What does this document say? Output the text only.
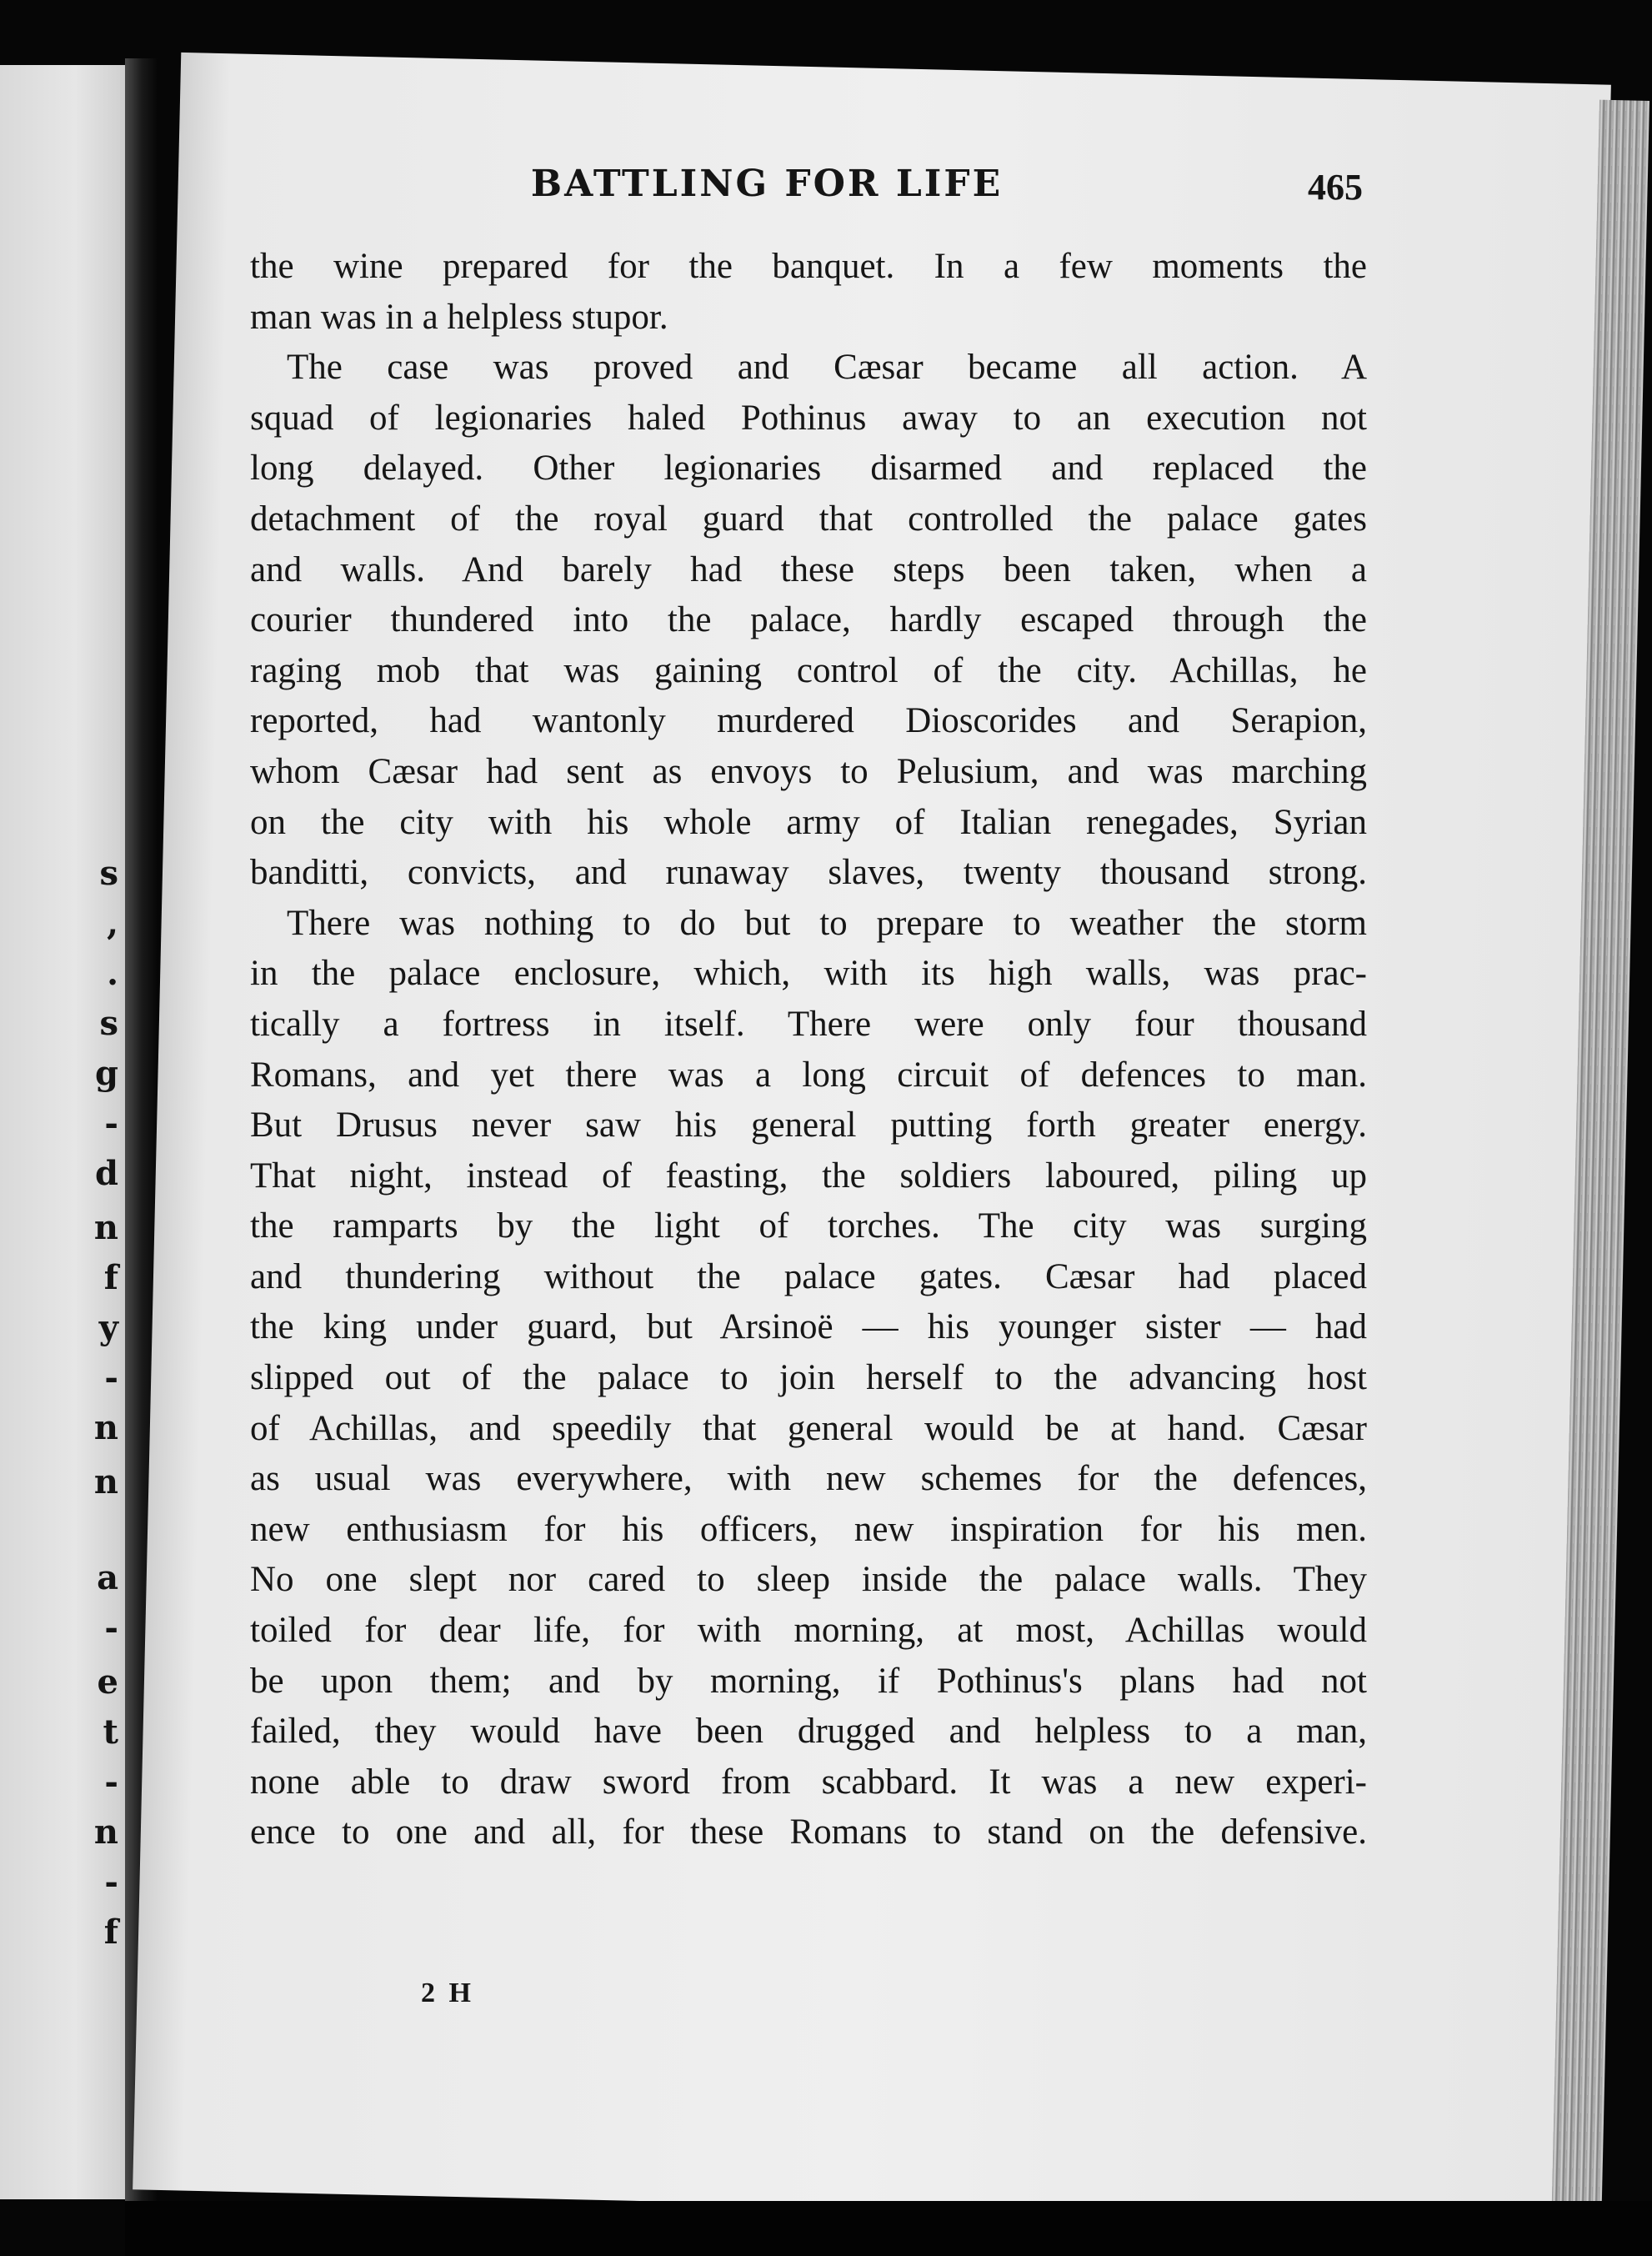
s
,
.
s
g
-
d
n
f
y
-
n
n
a
-
e
t
-
n
-
f
BATTLING FOR LIFE	465
the wine prepared for the banquet. In a few moments the
man was in a helpless stupor.
The case was proved and Cæsar became all action. A
squad of legionaries haled Pothinus away to an execution not
long delayed. Other legionaries disarmed and replaced the
detachment of the royal guard that controlled the palace gates
and walls. And barely had these steps been taken, when a
courier thundered into the palace, hardly escaped through the
raging mob that was gaining control of the city. Achillas, he
reported, had wantonly murdered Dioscorides and Serapion,
whom Cæsar had sent as envoys to Pelusium, and was marching
on the city with his whole army of Italian renegades, Syrian
banditti, convicts, and runaway slaves, twenty thousand strong.
There was nothing to do but to prepare to weather the storm
in the palace enclosure, which, with its high walls, was prac-
tically a fortress in itself. There were only four thousand
Romans, and yet there was a long circuit of defences to man.
But Drusus never saw his general putting forth greater energy.
That night, instead of feasting, the soldiers laboured, piling up
the ramparts by the light of torches. The city was surging
and thundering without the palace gates. Cæsar had placed
the king under guard, but Arsinoë — his younger sister — had
slipped out of the palace to join herself to the advancing host
of Achillas, and speedily that general would be at hand. Cæsar
as usual was everywhere, with new schemes for the defences,
new enthusiasm for his officers, new inspiration for his men.
No one slept nor cared to sleep inside the palace walls. They
toiled for dear life, for with morning, at most, Achillas would
be upon them; and by morning, if Pothinus's plans had not
failed, they would have been drugged and helpless to a man,
none able to draw sword from scabbard. It was a new experi-
ence to one and all, for these Romans to stand on the defensive.
2 H
